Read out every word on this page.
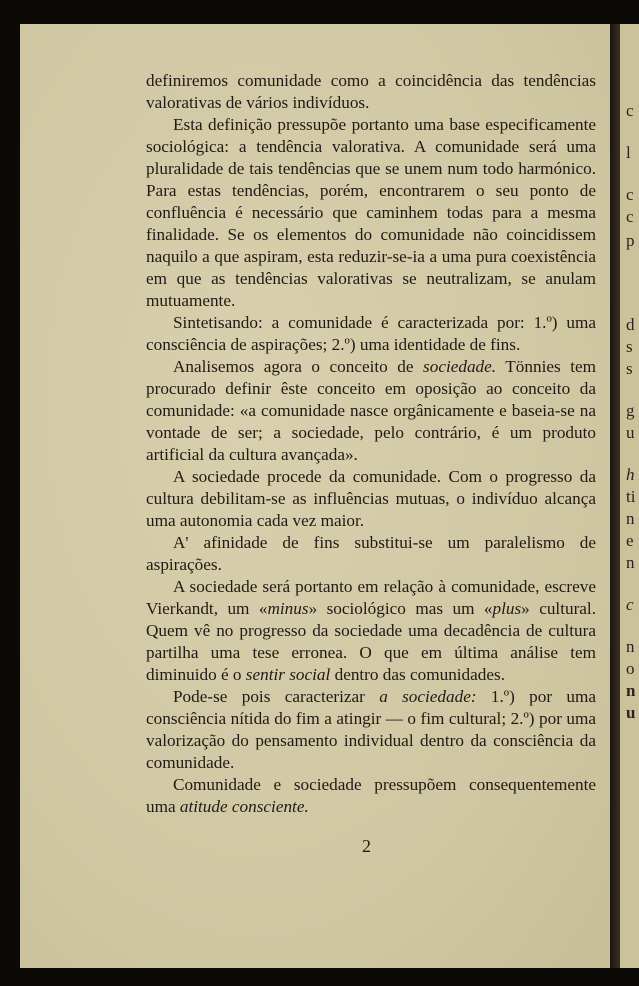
c
l
c
c
p
d
s
s
g
u
h
ti
n
e
n
c
n
o
n
u

definiremos comunidade como a coincidência das tendências valorativas de vários indivíduos.

Esta definição pressupõe portanto uma base especificamente sociológica: a tendência valorativa. A comunidade será uma pluralidade de tais tendências que se unem num todo harmónico. Para estas tendências, porém, encontrarem o seu ponto de confluência é necessário que caminhem todas para a mesma finalidade. Se os elementos do comunidade não coincidissem naquilo a que aspiram, esta reduzir-se-ia a uma pura coexistência em que as tendências valorativas se neutralizam, se anulam mutuamente.

Sintetisando: a comunidade é caracterizada por: 1.º) uma consciência de aspirações; 2.º) uma identidade de fins.

Analisemos agora o conceito de sociedade. Tönnies tem procurado definir êste conceito em oposição ao conceito da comunidade: «a comunidade nasce orgânicamente e baseia-se na vontade de ser; a sociedade, pelo contrário, é um produto artificial da cultura avançada».

A sociedade procede da comunidade. Com o progresso da cultura debilitam-se as influências mutuas, o indivíduo alcança uma autonomia cada vez maior.

A' afinidade de fins substitui-se um paralelismo de aspirações.

A sociedade será portanto em relação à comunidade, escreve Vierkandt, um «minus» sociológico mas um «plus» cultural. Quem vê no progresso da sociedade uma decadência de cultura partilha uma tese erronea. O que em última análise tem diminuido é o sentir social dentro das comunidades.

Pode-se pois caracterizar a sociedade: 1.º) por uma consciência nítida do fim a atingir — o fim cultural; 2.º) por uma valorização do pensamento individual dentro da consciência da comunidade.

Comunidade e sociedade pressupõem consequentemente uma atitude consciente.

2
